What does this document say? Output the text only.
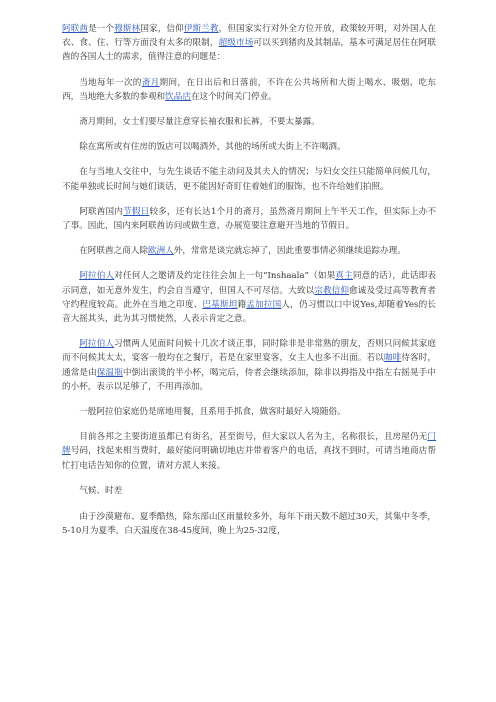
阿联酋是一个穆斯林国家，信仰伊斯兰教，但国家实行对外全方位开放，政策较开明，对外国人在衣、食、住、行等方面没有太多的限制，超级市场可以买到猪肉及其制品，基本可满足居住在阿联酋的各国人士的需求，值得注意的问题是：

当地每年一次的斋月期间，在日出后和日落前，不许在公共场所和大街上喝水、吸烟、吃东西，当地绝大多数的参观和饮品店在这个时间关门停业。

斋月期间，女士们要尽量注意穿长袖衣服和长裤，不要太暴露。

除在寓所或有住房的饭店可以喝酒外，其他的场所或大街上不许喝酒。

在与当地人交往中，与先生谈话不能主动问及其夫人的情况；与妇女交往只能简单问候几句，不能单独或长时间与她们谈话，更不能因好奇盯住着她们的服饰，也不许给她们拍照。

阿联酋国内节假日较多，还有长达1个月的斋月，虽然斋月期间上午半天工作，但实际上办不了事。因此，国内来阿联酋访问或做生意，办展览要注意避开当地的节假日。

在阿联酋之商人除欧洲人外，常常是谈完就忘掉了，因此重要事情必须继续追踪办理。

阿拉伯人对任何人之邀请及约定往往会加上一句“Inshaala”（如果真主同意的话），此话即表示同意，如无意外发生，约会自当遵守，但国人不可尽信。大致以宗教信仰愈诚及受过高等教育者守约程度较高。此外在当地之印度、巴基斯坦籍孟加拉国人，仍习惯以口中说Yes,却随着Yes的长音大摇其头，此为其习惯使然，人表示肯定之意。

阿拉伯人习惯两人见面时问候十几次才谈正事，同时除非是非常熟的朋友，否则只问候其家庭而不问候其太太，宴客一般均在之餐厅，若是在家里宴客，女主人也多不出面。若以咖啡待客时，通常是由保温瓶中倒出滚烫的半小杯，喝完后，侍者会继续添加，除非以拇指及中指左右摇晃手中的小杯，表示以足够了，不用再添加。

一般阿拉伯家庭仍是席地用餐，且系用手抓食，做客时最好入境随俗。

目前各邦之主要街道虽都已有街名，甚至街号，但大家以人名为主，名称很长，且房屋仍无门牌号码，找起来相当费时，最好能问明确切地店并带着客户的电话，真找不到时，可请当地商店帮忙打电话告知你的位置，请对方派人来接。

气候、时差

由于沙漠避布、夏季酷热，除东部山区雨量较多外，每年下雨天数不超过30天，其集中冬季，5-10月为夏季，白天温度在38-45度间，晚上为25-32度，
